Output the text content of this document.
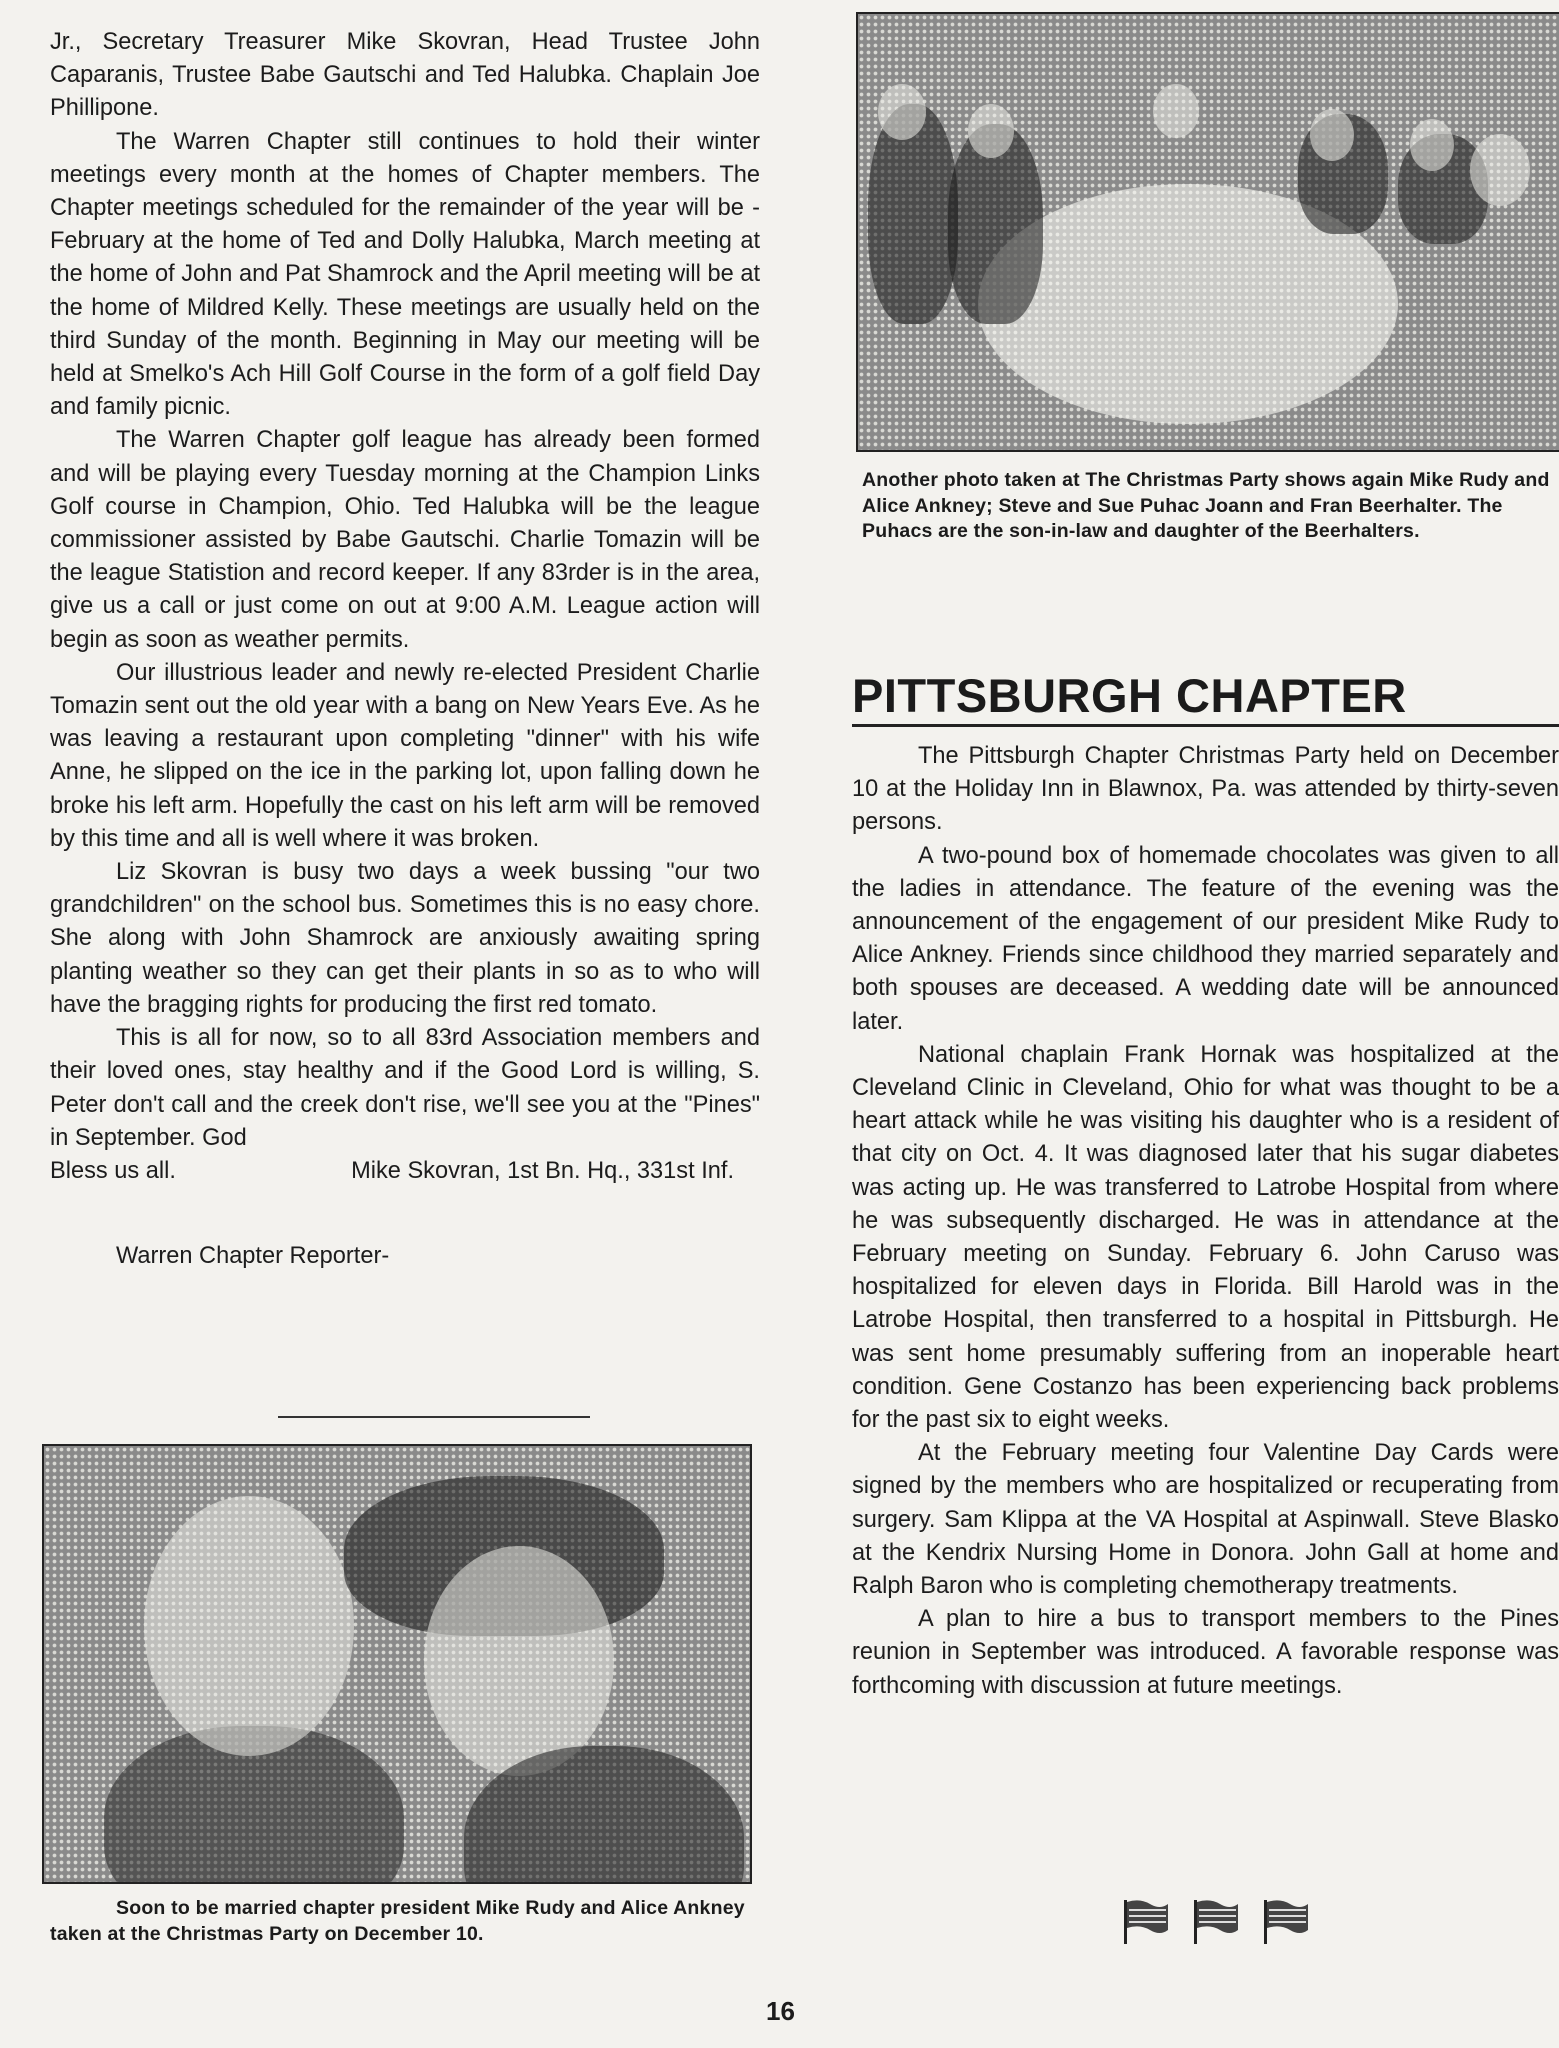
Another photo taken at The Christmas Party shows again Mike Rudy and Alice Ankney; Steve and Sue Puhac Joann and Fran Beerhalter. The Puhacs are the son-in-law and daughter of the Beerhalters.

Jr., Secretary Treasurer Mike Skovran, Head Trustee John Caparanis, Trustee Babe Gautschi and Ted Halubka. Chaplain Joe Phillipone.

The Warren Chapter still continues to hold their winter meetings every month at the homes of Chapter members. The Chapter meetings scheduled for the remainder of the year will be - February at the home of Ted and Dolly Halubka, March meeting at the home of John and Pat Shamrock and the April meeting will be at the home of Mildred Kelly. These meetings are usually held on the third Sunday of the month. Beginning in May our meeting will be held at Smelko's Ach Hill Golf Course in the form of a golf field Day and family picnic.

The Warren Chapter golf league has already been formed and will be playing every Tuesday morning at the Champion Links Golf course in Champion, Ohio. Ted Halubka will be the league commissioner assisted by Babe Gautschi. Charlie Tomazin will be the league Statistion and record keeper. If any 83rder is in the area, give us a call or just come on out at 9:00 A.M. League action will begin as soon as weather permits.

Our illustrious leader and newly re-elected President Charlie Tomazin sent out the old year with a bang on New Years Eve. As he was leaving a restaurant upon completing "dinner" with his wife Anne, he slipped on the ice in the parking lot, upon falling down he broke his left arm. Hopefully the cast on his left arm will be removed by this time and all is well where it was broken.

Liz Skovran is busy two days a week bussing "our two grandchildren" on the school bus. Sometimes this is no easy chore. She along with John Shamrock are anxiously awaiting spring planting weather so they can get their plants in so as to who will have the bragging rights for producing the first red tomato.

This is all for now, so to all 83rd Association members and their loved ones, stay healthy and if the Good Lord is willing, S. Peter don't call and the creek don't rise, we'll see you at the "Pines" in September. God

Bless us all.	Mike Skovran, 1st Bn. Hq., 331st Inf.

Warren Chapter Reporter-

Soon to be married chapter president Mike Rudy and Alice Ankney taken at the Christmas Party on December 10.
PITTSBURGH CHAPTER

The Pittsburgh Chapter Christmas Party held on December 10 at the Holiday Inn in Blawnox, Pa. was attended by thirty-seven persons.

A two-pound box of homemade chocolates was given to all the ladies in attendance. The feature of the evening was the announcement of the engagement of our president Mike Rudy to Alice Ankney. Friends since childhood they married separately and both spouses are deceased. A wedding date will be announced later.

National chaplain Frank Hornak was hospitalized at the Cleveland Clinic in Cleveland, Ohio for what was thought to be a heart attack while he was visiting his daughter who is a resident of that city on Oct. 4. It was diagnosed later that his sugar diabetes was acting up. He was transferred to Latrobe Hospital from where he was subsequently discharged. He was in attendance at the February meeting on Sunday. February 6. John Caruso was hospitalized for eleven days in Florida. Bill Harold was in the Latrobe Hospital, then transferred to a hospital in Pittsburgh. He was sent home presumably suffering from an inoperable heart condition. Gene Costanzo has been experiencing back problems for the past six to eight weeks.

At the February meeting four Valentine Day Cards were signed by the members who are hospitalized or recuperating from surgery. Sam Klippa at the VA Hospital at Aspinwall. Steve Blasko at the Kendrix Nursing Home in Donora. John Gall at home and Ralph Baron who is completing chemotherapy treatments.

A plan to hire a bus to transport members to the Pines reunion in September was introduced. A favorable response was forthcoming with discussion at future meetings.

16
